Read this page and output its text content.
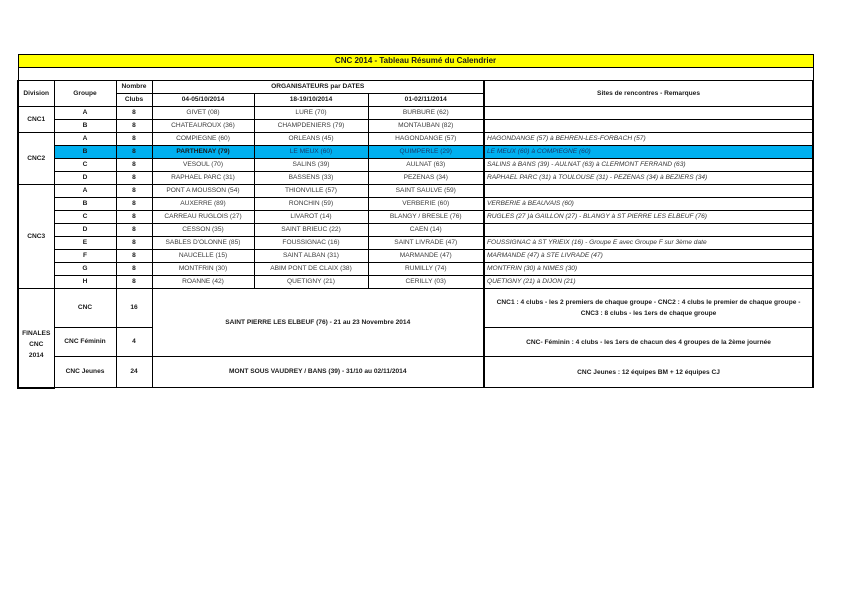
CNC 2014 - Tableau Résumé du Calendrier						

Division	Groupe	Nombre	ORGANISATEURS par DATES			Sites de rencontres - Remarques
		Clubs	04-05/10/2014	18-19/10/2014	01-02/11/2014	
CNC1	A	8	GIVET (08)	LURE (70)	BURBURE (62)	
	B	8	CHATEAUROUX (36)	CHAMPDENIERS (79)	MONTAUBAN (82)	
CNC2	A	8	COMPIEGNE (60)	ORLEANS (45)	HAGONDANGE (57)	HAGONDANGE (57) à BEHREN-LES-FORBACH (57)
	B	8	PARTHENAY (79)	LE MEUX (60)	QUIMPERLE (29)	LE MEUX (60) à COMPIEGNE (60)
	C	8	VESOUL (70)	SALINS (39)	AULNAT (63)	SALINS à BANS (39) - AULNAT (63) à CLERMONT FERRAND (63)
	D	8	RAPHAEL PARC (31)	BASSENS (33)	PEZENAS (34)	RAPHAEL PARC (31) à TOULOUSE (31) - PEZENAS (34) à BEZIERS (34)
CNC3	A	8	PONT A MOUSSON (54)	THIONVILLE (57)	SAINT SAULVE (59)	
	B	8	AUXERRE (89)	RONCHIN (59)	VERBERIE (60)	VERBERIE à BEAUVAIS (60)
	C	8	CARREAU RUGLOIS (27)	LIVAROT (14)	BLANGY / BRESLE (76)	RUGLES (27 )à GAILLON (27) - BLANGY à ST PIERRE LES ELBEUF (76)
	D	8	CESSON (35)	SAINT BRIEUC (22)	CAEN (14)	
	E	8	SABLES D'OLONNE (85)	FOUSSIGNAC (16)	SAINT LIVRADE (47)	FOUSSIGNAC à ST YRIEIX (16) - Groupe E avec Groupe F sur 3ème date
	F	8	NAUCELLE (15)	SAINT ALBAN (31)	MARMANDE (47)	MARMANDE (47) à STE LIVRADE (47)
	G	8	MONTFRIN (30)	ABIM PONT DE CLAIX (38)	RUMILLY (74)	MONTFRIN (30) à NIMES (30)
	H	8	ROANNE (42)	QUETIGNY (21)	CERILLY (03)	QUETIGNY (21) à DIJON (21)

FINALES
CNC
2014	CNC	16	SAINT PIERRE LES ELBEUF (76) - 21 au 23 Novembre 2014			CNC1 : 4 clubs - les 2 premiers de chaque groupe - CNC2 : 4 clubs le premier de chaque groupe - CNC3 : 8 clubs - les 1ers de chaque groupe
	CNC Féminin	4				CNC- Féminin : 4 clubs - les 1ers de chacun des 4 groupes de la 2ème journée
	CNC Jeunes	24	MONT SOUS VAUDREY / BANS (39) - 31/10 au 02/11/2014			CNC Jeunes : 12 équipes BM + 12 équipes CJ
